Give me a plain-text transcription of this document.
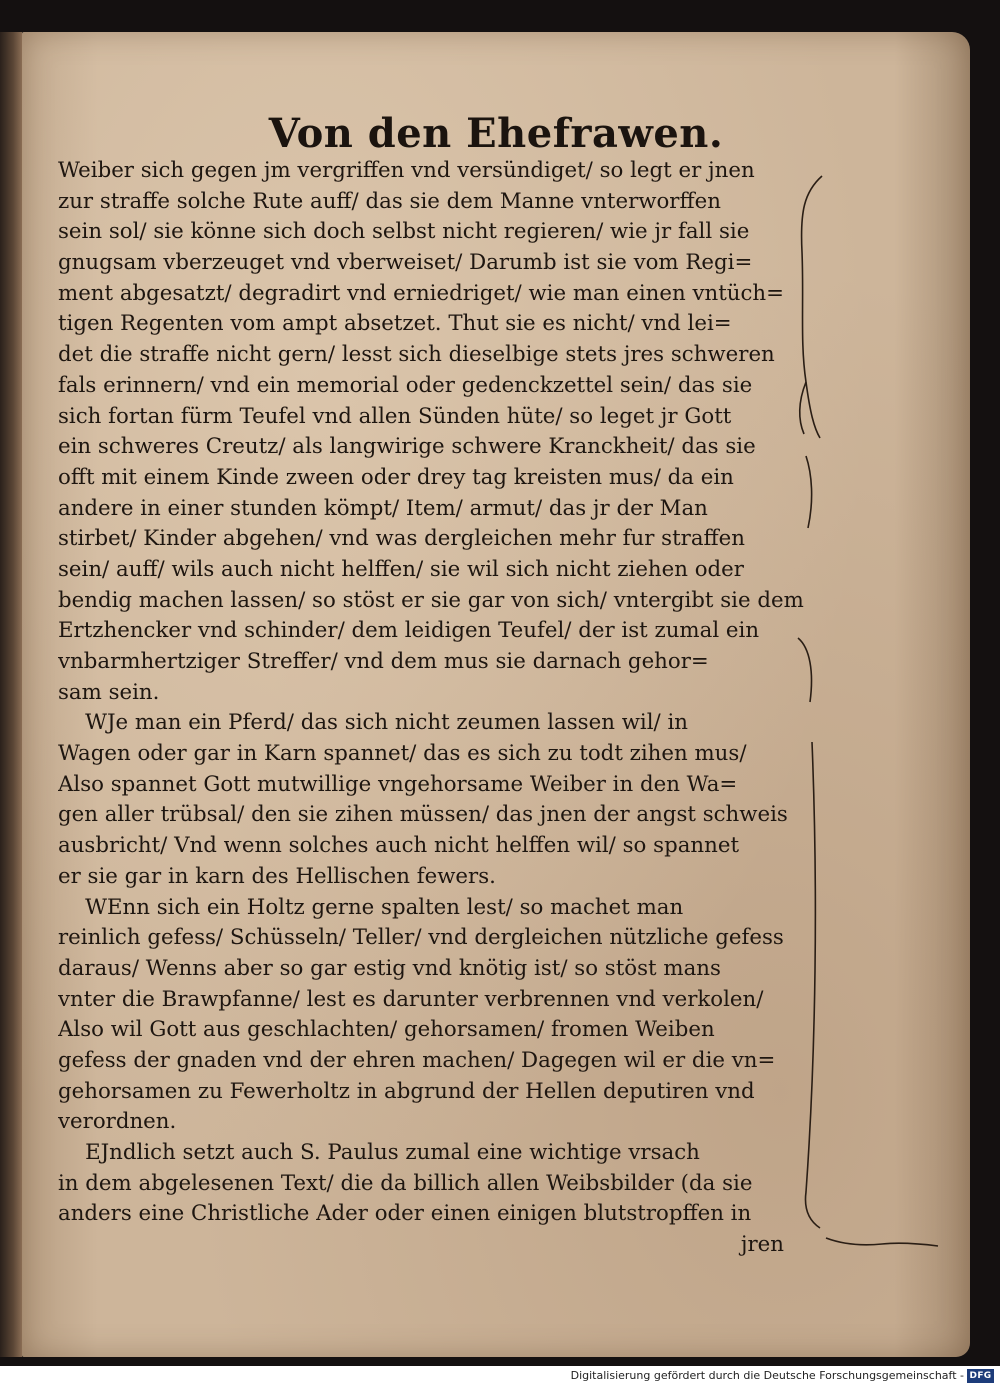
Von den Ehefrawen.
Weiber sich gegen jm vergriffen vnd versündiget/ so legt er jnen
zur straffe solche Rute auff/ das sie dem Manne vnterworffen
sein sol/ sie könne sich doch selbst nicht regieren/ wie jr fall sie
gnugsam vberzeuget vnd vberweiset/ Darumb ist sie vom Regi=
ment abgesatzt/ degradirt vnd erniedriget/ wie man einen vntüch=
tigen Regenten vom ampt absetzet. Thut sie es nicht/ vnd lei=
det die straffe nicht gern/ lesst sich dieselbige stets jres schweren
fals erinnern/ vnd ein memorial oder gedenckzettel sein/ das sie
sich fortan fürm Teufel vnd allen Sünden hüte/ so leget jr Gott
ein schweres Creutz/ als langwirige schwere Kranckheit/ das sie
offt mit einem Kinde zween oder drey tag kreisten mus/ da ein
andere in einer stunden kömpt/ Item/ armut/ das jr der Man
stirbet/ Kinder abgehen/ vnd was dergleichen mehr fur straffen
sein/ auff/ wils auch nicht helffen/ sie wil sich nicht ziehen oder
bendig machen lassen/ so stöst er sie gar von sich/ vntergibt sie dem
Ertzhencker vnd schinder/ dem leidigen Teufel/ der ist zumal ein
vnbarmhertziger Streffer/ vnd dem mus sie darnach gehor=
sam sein.
WJe man ein Pferd/ das sich nicht zeumen lassen wil/ in
Wagen oder gar in Karn spannet/ das es sich zu todt zihen mus/
Also spannet Gott mutwillige vngehorsame Weiber in den Wa=
gen aller trübsal/ den sie zihen müssen/ das jnen der angst schweis
ausbricht/ Vnd wenn solches auch nicht helffen wil/ so spannet
er sie gar in karn des Hellischen fewers.
WEnn sich ein Holtz gerne spalten lest/ so machet man
reinlich gefess/ Schüsseln/ Teller/ vnd dergleichen nützliche gefess
daraus/ Wenns aber so gar estig vnd knötig ist/ so stöst mans
vnter die Brawpfanne/ lest es darunter verbrennen vnd verkolen/
Also wil Gott aus geschlachten/ gehorsamen/ fromen Weiben
gefess der gnaden vnd der ehren machen/ Dagegen wil er die vn=
gehorsamen zu Fewerholtz in abgrund der Hellen deputiren vnd
verordnen.
EJndlich setzt auch S. Paulus zumal eine wichtige vrsach
in dem abgelesenen Text/ die da billich allen Weibsbilder (da sie
anders eine Christliche Ader oder einen einigen blutstropffen in
jren
Digitalisierung gefördert durch die Deutsche Forschungsgemeinschaft - DFG
